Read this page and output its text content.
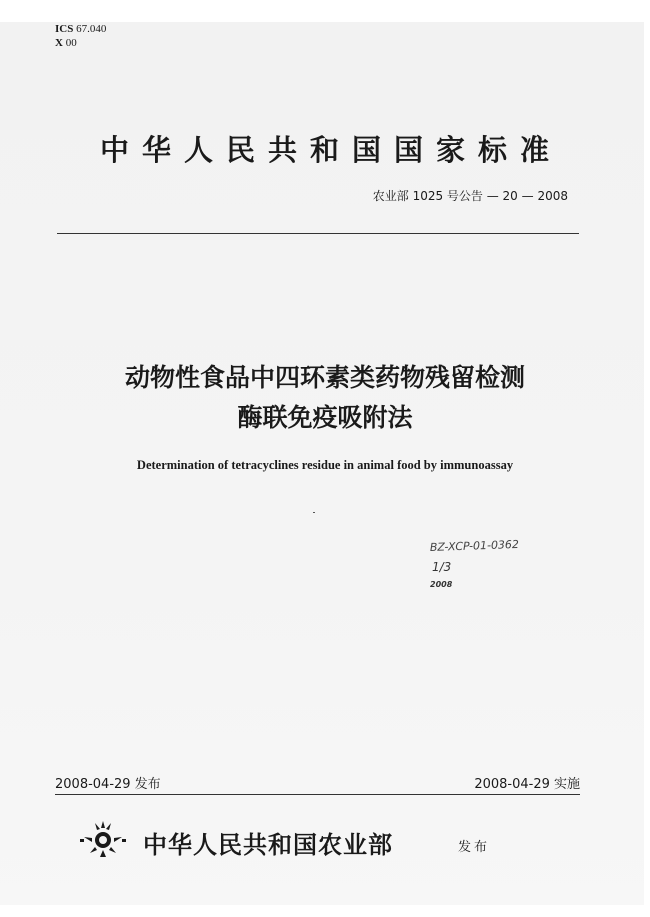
ICS 67.040
X 00
中华人民共和国国家标准
农业部 1025 号公告 — 20 — 2008
动物性食品中四环素类药物残留检测
酶联免疫吸附法
Determination of tetracyclines residue in animal food by immunoassay
BZ-XCP-01-0362
1/3
2008
2008-04-29 发布	2008-04-29 实施
中华人民共和国农业部	发布
